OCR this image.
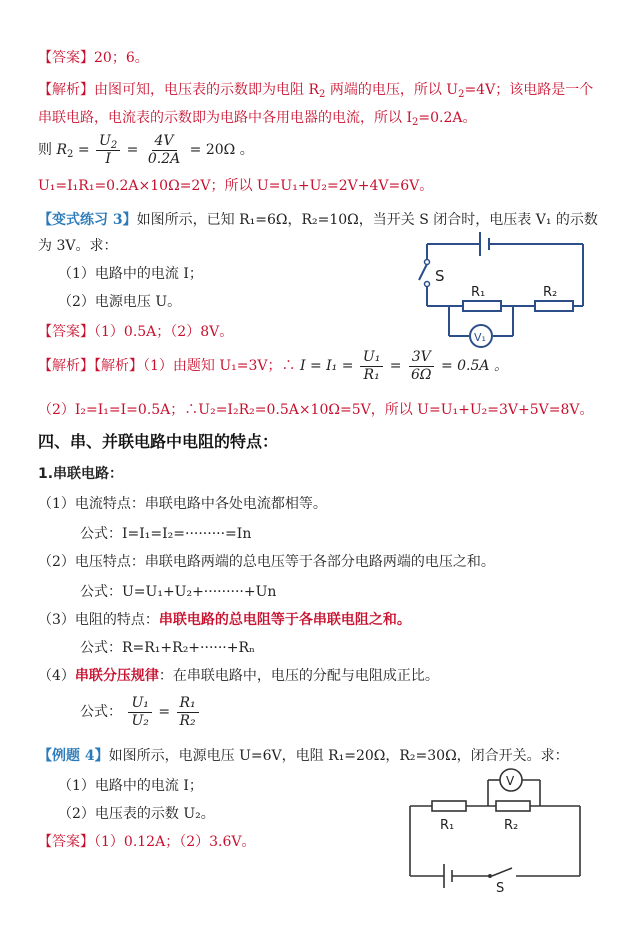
【答案】20；6。
【解析】由图可知，电压表的示数即为电阻 $R_2$ 两端的电压，所以 $U_2=4V$；该电路是一个
串联电路，电流表的示数即为电路中各用电器的电流，所以 $I_2=0.2A$。
则 $R_2 = \frac{U_2}{I} = \frac{4V}{0.2A} = 20\Omega$ 。
U₁=I₁R₁=0.2A×10Ω=2V；所以 U=U₁+U₂=2V+4V=6V。
【变式练习 3】如图所示，已知 R₁=6Ω，R₂=10Ω，当开关 S 闭合时，电压表 V₁ 的示数
为 3V。求：
（1）电路中的电流 I；
（2）电源电压 U。
【答案】（1）0.5A；（2）8V。
S
R₁	R₂
V₁
【解析】【解析】（1）由题知 U₁=3V；∴ $I = I_1 = \frac{\text{U₁}}{\text{R₁}} = \frac{3V}{6\Omega} = 0.5A$ 。
（2）I₂=I₁=I=0.5A；∴U₂=I₂R₂=0.5A×10Ω=5V，所以 U=U₁+U₂=3V+5V=8V。
四、串、并联电路中电阻的特点：
1.串联电路：
（1）电流特点：串联电路中各处电流都相等。
公式：I=I₁=I₂=·········=In
（2）电压特点：串联电路两端的总电压等于各部分电路两端的电压之和。
公式：U=U₁+U₂+·········+Un
（3）电阻的特点：串联电路的总电阻等于各串联电阻之和。
公式：R=R₁+R₂+······+Rₙ
（4）串联分压规律：在串联电路中，电压的分配与电阻成正比。
公式： $\frac{\text{U₁}}{\text{U₂}} = \frac{\text{R₁}}{\text{R₂}}$
【例题 4】如图所示，电源电压 U=6V，电阻 R₁=20Ω，R₂=30Ω，闭合开关。求：
（1）电路中的电流 I；
（2）电压表的示数 U₂。
【答案】（1）0.12A；（2）3.6V。
V
R₁	R₂
S
